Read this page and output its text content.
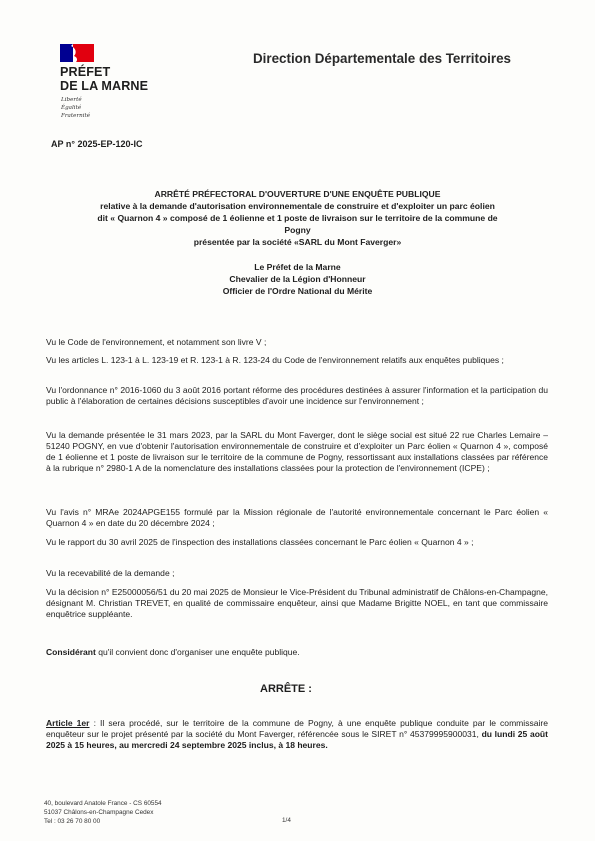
PRÉFET
DE LA MARNE
Liberté
Égalité
Fraternité
Direction Départementale des Territoires
AP n° 2025-EP-120-IC
ARRÊTÉ PRÉFECTORAL D'OUVERTURE D'UNE ENQUÊTE PUBLIQUE
relative à la demande d'autorisation environnementale de construire et d'exploiter un parc éolien
dit « Quarnon 4 » composé de 1 éolienne et 1 poste de livraison sur le territoire de la commune de
Pogny
présentée par la société «SARL du Mont Faverger»
Le Préfet de la Marne
Chevalier de la Légion d'Honneur
Officier de l'Ordre National du Mérite
Vu le Code de l'environnement, et notamment son livre V ;
Vu les articles L. 123-1 à L. 123-19 et R. 123-1 à R. 123-24 du Code de l'environnement relatifs aux enquêtes publiques ;
Vu l'ordonnance n° 2016-1060 du 3 août 2016 portant réforme des procédures destinées à assurer l'information et la participation du public à l'élaboration de certaines décisions susceptibles d'avoir une incidence sur l'environnement ;
Vu la demande présentée le 31 mars 2023, par la SARL du Mont Faverger, dont le siège social est situé 22 rue Charles Lemaire – 51240 POGNY, en vue d'obtenir l'autorisation environnementale de construire et d'exploiter un Parc éolien « Quarnon 4 », composé de 1 éolienne et 1 poste de livraison sur le territoire de la commune de Pogny, ressortissant aux installations classées par référence à la rubrique n° 2980-1 A de la nomenclature des installations classées pour la protection de l'environnement (ICPE) ;
Vu l'avis n° MRAe 2024APGE155 formulé par la Mission régionale de l'autorité environnementale concernant le Parc éolien « Quarnon 4 » en date du 20 décembre 2024 ;
Vu le rapport du 30 avril 2025 de l'inspection des installations classées concernant le Parc éolien « Quarnon 4 » ;
Vu la recevabilité de la demande ;
Vu la décision n° E25000056/51 du 20 mai 2025 de Monsieur le Vice-Président du Tribunal administratif de Châlons-en-Champagne, désignant M. Christian TREVET, en qualité de commissaire enquêteur, ainsi que Madame Brigitte NOEL, en tant que commissaire enquêtrice suppléante.
Considérant qu'il convient donc d'organiser une enquête publique.
ARRÊTE :
Article 1er : Il sera procédé, sur le territoire de la commune de Pogny, à une enquête publique conduite par le commissaire enquêteur sur le projet présenté par la société du Mont Faverger, référencée sous le SIRET n° 45379995900031, du lundi 25 août 2025 à 15 heures, au mercredi 24 septembre 2025 inclus, à 18 heures.
40, boulevard Anatole France - CS 60554
51037 Châlons-en-Champagne Cedex
Tel : 03 26 70 80 00	1/4
